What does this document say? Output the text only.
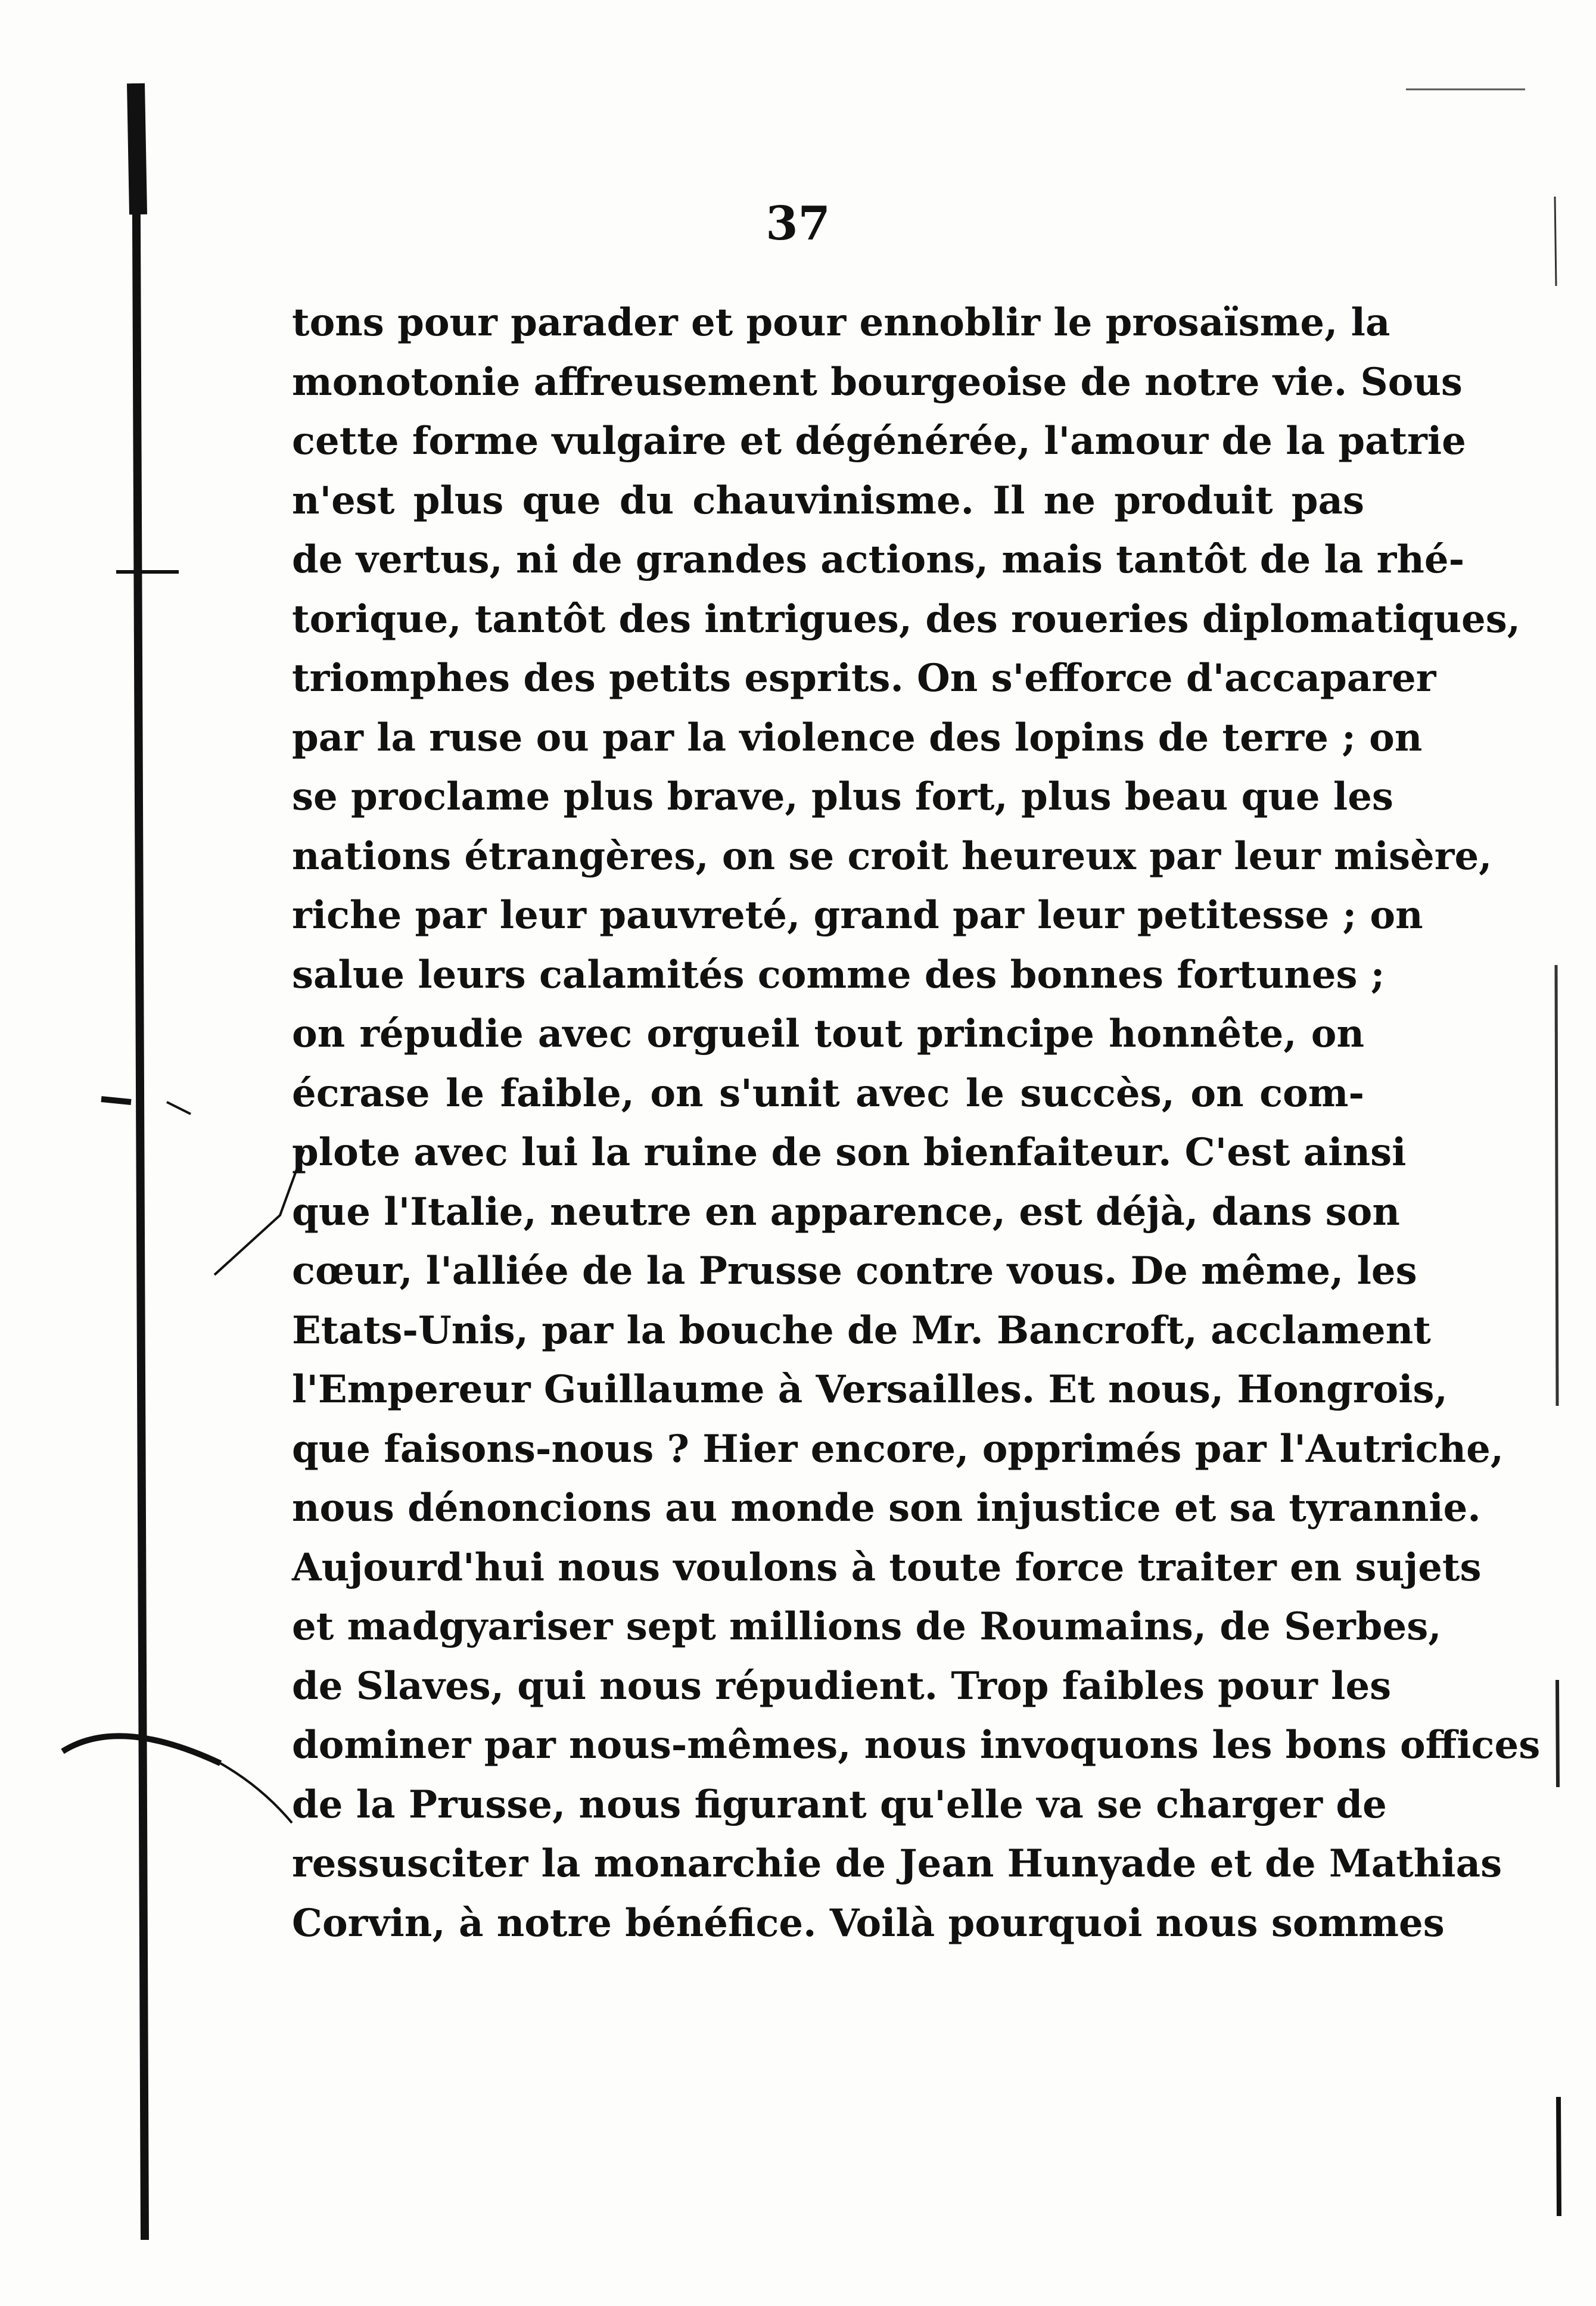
37
tons pour parader et pour ennoblir le prosaïsme, la
monotonie affreusement bourgeoise de notre vie. Sous
cette forme vulgaire et dégénérée, l'amour de la patrie
n'est plus que du chauvinisme. Il ne produit pas
de vertus, ni de grandes actions, mais tantôt de la rhé-
torique, tantôt des intrigues, des roueries diplomatiques,
triomphes des petits esprits. On s'efforce d'accaparer
par la ruse ou par la violence des lopins de terre ; on
se proclame plus brave, plus fort, plus beau que les
nations étrangères, on se croit heureux par leur misère,
riche par leur pauvreté, grand par leur petitesse ; on
salue leurs calamités comme des bonnes fortunes ;
on répudie avec orgueil tout principe honnête, on
écrase le faible, on s'unit avec le succès, on com-
plote avec lui la ruine de son bienfaiteur. C'est ainsi
que l'Italie, neutre en apparence, est déjà, dans son
cœur, l'alliée de la Prusse contre vous. De même, les
Etats-Unis, par la bouche de Mr. Bancroft, acclament
l'Empereur Guillaume à Versailles. Et nous, Hongrois,
que faisons-nous ? Hier encore, opprimés par l'Autriche,
nous dénoncions au monde son injustice et sa tyrannie.
Aujourd'hui nous voulons à toute force traiter en sujets
et madgyariser sept millions de Roumains, de Serbes,
de Slaves, qui nous répudient. Trop faibles pour les
dominer par nous-mêmes, nous invoquons les bons offices
de la Prusse, nous figurant qu'elle va se charger de
ressusciter la monarchie de Jean Hunyade et de Mathias
Corvin, à notre bénéfice. Voilà pourquoi nous sommes
